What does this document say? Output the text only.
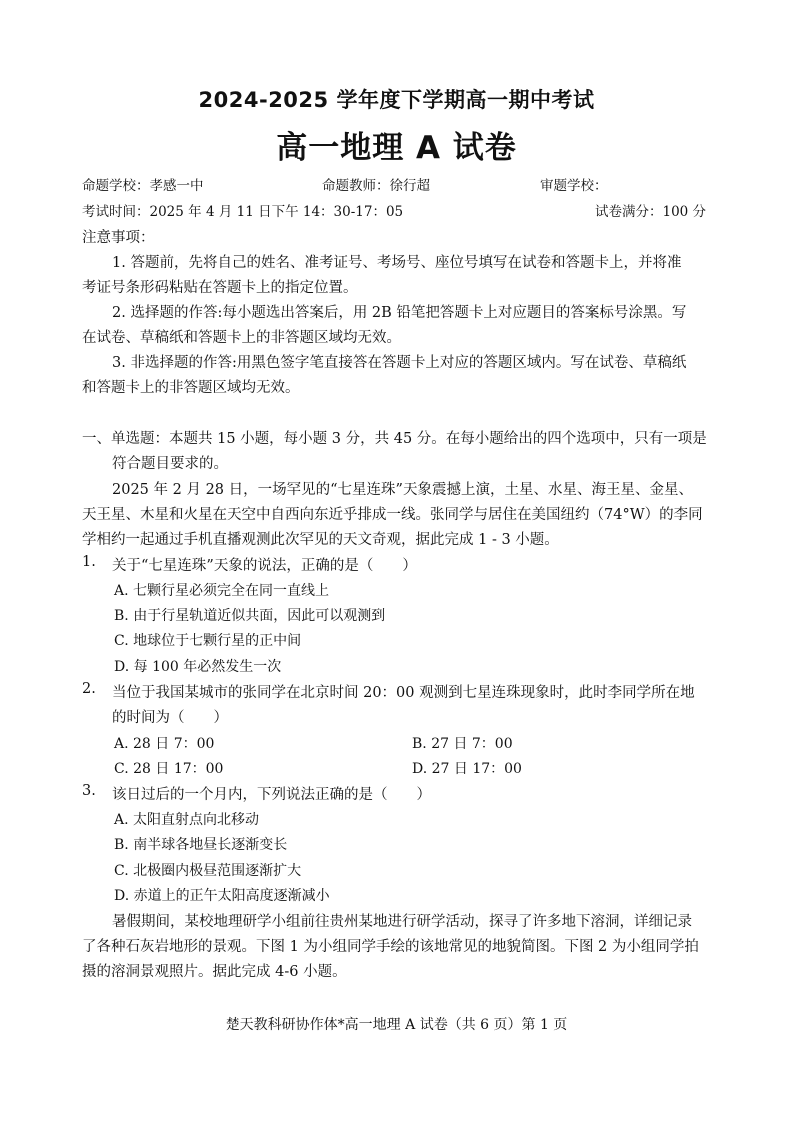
2024-2025 学年度下学期高一期中考试
高一地理 A 试卷
命题学校：孝感一中	命题教师：徐行超	审题学校：
考试时间：2025 年 4 月 11 日下午 14：30-17：05	试卷满分：100 分
注意事项：
1. 答题前，先将自己的姓名、准考证号、考场号、座位号填写在试卷和答题卡上，并将准
考证号条形码粘贴在答题卡上的指定位置。
2. 选择题的作答:每小题选出答案后，用 2B 铅笔把答题卡上对应题目的答案标号涂黑。写
在试卷、草稿纸和答题卡上的非答题区域均无效。
3. 非选择题的作答:用黑色签字笔直接答在答题卡上对应的答题区域内。写在试卷、草稿纸
和答题卡上的非答题区域均无效。
一、单选题：本题共 15 小题，每小题 3 分，共 45 分。在每小题给出的四个选项中，只有一项是
符合题目要求的。
2025 年 2 月 28 日，一场罕见的“七星连珠”天象震撼上演，土星、水星、海王星、金星、
天王星、木星和火星在天空中自西向东近乎排成一线。张同学与居住在美国纽约（74°W）的李同
学相约一起通过手机直播观测此次罕见的天文奇观，据此完成 1 - 3 小题。
1. 关于“七星连珠”天象的说法，正确的是（　　）
A. 七颗行星必须完全在同一直线上
B. 由于行星轨道近似共面，因此可以观测到
C. 地球位于七颗行星的正中间
D. 每 100 年必然发生一次
2. 当位于我国某城市的张同学在北京时间 20：00 观测到七星连珠现象时，此时李同学所在地
的时间为（　　）
A. 28 日 7：00	B. 27 日 7：00
C. 28 日 17：00	D. 27 日 17：00
3. 该日过后的一个月内，下列说法正确的是（　　）
A. 太阳直射点向北移动
B. 南半球各地昼长逐渐变长
C. 北极圈内极昼范围逐渐扩大
D. 赤道上的正午太阳高度逐渐减小
暑假期间，某校地理研学小组前往贵州某地进行研学活动，探寻了许多地下溶洞，详细记录
了各种石灰岩地形的景观。下图 1 为小组同学手绘的该地常见的地貌简图。下图 2 为小组同学拍
摄的溶洞景观照片。据此完成 4-6 小题。
楚天教科研协作体*高一地理 A 试卷（共 6 页）第 1 页
